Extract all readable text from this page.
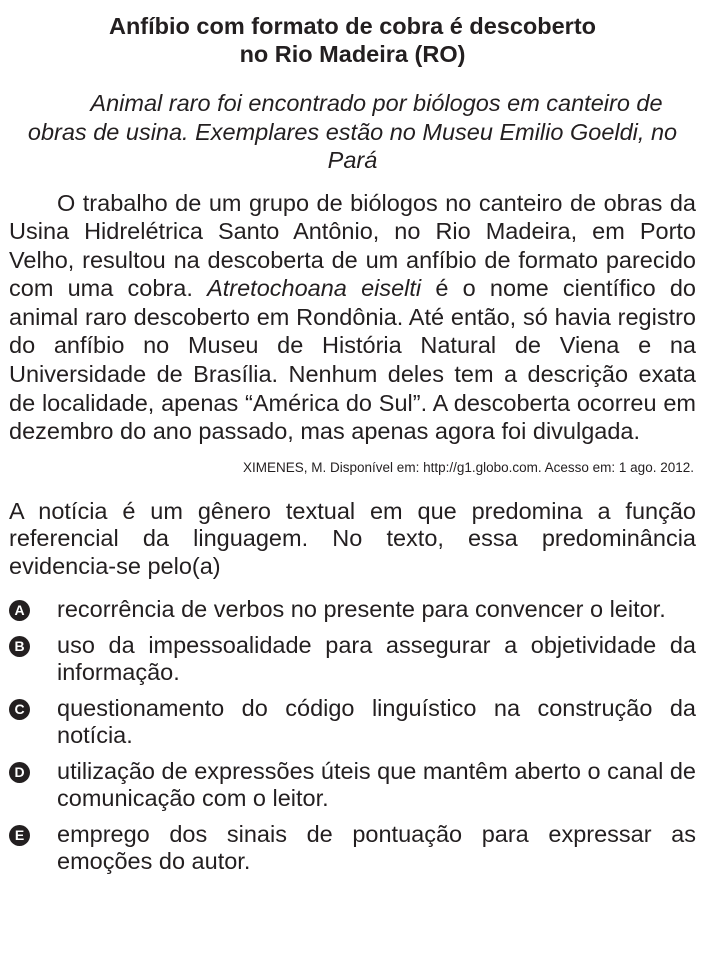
Anfíbio com formato de cobra é descoberto
no Rio Madeira (RO)

Animal raro foi encontrado por biólogos em canteiro de obras de usina. Exemplares estão no Museu Emilio Goeldi, no Pará

O trabalho de um grupo de biólogos no canteiro de obras da Usina Hidrelétrica Santo Antônio, no Rio Madeira, em Porto Velho, resultou na descoberta de um anfíbio de formato parecido com uma cobra. Atretochoana eiselti é o nome científico do animal raro descoberto em Rondônia. Até então, só havia registro do anfíbio no Museu de História Natural de Viena e na Universidade de Brasília. Nenhum deles tem a descrição exata de localidade, apenas “América do Sul”. A descoberta ocorreu em dezembro do ano passado, mas apenas agora foi divulgada.

XIMENES, M. Disponível em: http://g1.globo.com. Acesso em: 1 ago. 2012.

A notícia é um gênero textual em que predomina a função referencial da linguagem. No texto, essa predominância evidencia-se pelo(a)

A recorrência de verbos no presente para convencer o leitor.
B uso da impessoalidade para assegurar a objetividade da informação.
C questionamento do código linguístico na construção da notícia.
D utilização de expressões úteis que mantêm aberto o canal de comunicação com o leitor.
E emprego dos sinais de pontuação para expressar as emoções do autor.
